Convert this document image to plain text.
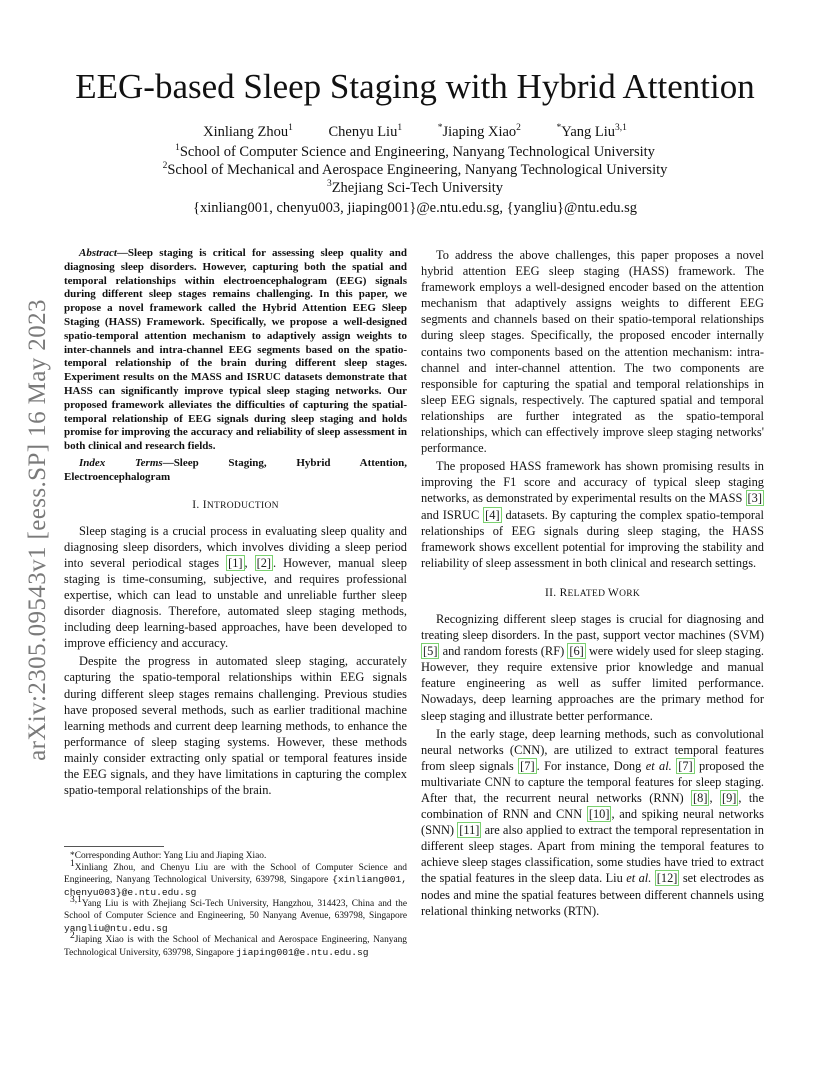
arXiv:2305.09543v1 [eess.SP] 16 May 2023
EEG-based Sleep Staging with Hybrid Attention
Xinliang Zhou$^1$ Chenyu Liu$^1$	*Jiaping Xiao$^2$	*Yang Liu$^{3,1}$
$^1$School of Computer Science and Engineering, Nanyang Technological University
$^2$School of Mechanical and Aerospace Engineering, Nanyang Technological University
$^3$Zhejiang Sci-Tech University
{xinliang001, chenyu003, jiaping001}@e.ntu.edu.sg, {yangliu}@ntu.edu.sg

Abstract—Sleep staging is critical for assessing sleep quality and diagnosing sleep disorders. However, capturing both the spatial and temporal relationships within electroencephalogram (EEG) signals during different sleep stages remains challenging. In this paper, we propose a novel framework called the Hybrid Attention EEG Sleep Staging (HASS) Framework. Specifically, we propose a well-designed spatio-temporal attention mechanism to adaptively assign weights to inter-channels and intra-channel EEG segments based on the spatio-temporal relationship of the brain during different sleep stages. Experiment results on the MASS and ISRUC datasets demonstrate that HASS can significantly improve typical sleep staging networks. Our proposed framework alleviates the difficulties of capturing the spatial-temporal relationship of EEG signals during sleep staging and holds promise for improving the accuracy and reliability of sleep assessment in both clinical and research fields.

Index Terms—Sleep Staging, Hybrid Attention, Electroencephalogram

I. INTRODUCTION

Sleep staging is a crucial process in evaluating sleep quality and diagnosing sleep disorders, which involves dividing a sleep period into several periodical stages [1] , [2] . However, manual sleep staging is time-consuming, subjective, and requires professional expertise, which can lead to unstable and unreliable further sleep disorder diagnosis. Therefore, automated sleep staging methods, including deep learning-based approaches, have been developed to improve efficiency and accuracy.

Despite the progress in automated sleep staging, accurately capturing the spatio-temporal relationships within EEG signals during different sleep stages remains challenging. Previous studies have proposed several methods, such as earlier traditional machine learning methods and current deep learning methods, to enhance the performance of sleep staging systems. However, these methods mainly consider extracting only spatial or temporal features inside the EEG signals, and they have limitations in capturing the complex spatio-temporal relationships of the brain.

*Corresponding Author: Yang Liu and Jiaping Xiao.

$^1$Xinliang Zhou, and Chenyu Liu are with the School of Computer Science and Engineering, Nanyang Technological University, 639798, Singapore {xinliang001, chenyu003}@e.ntu.edu.sg

$^{3,1}$Yang Liu is with Zhejiang Sci-Tech University, Hangzhou, 314423, China and the School of Computer Science and Engineering, 50 Nanyang Avenue, 639798, Singapore yangliu@ntu.edu.sg

$^2$Jiaping Xiao is with the School of Mechanical and Aerospace Engineering, Nanyang Technological University, 639798, Singapore jiaping001@e.ntu.edu.sg

To address the above challenges, this paper proposes a novel hybrid attention EEG sleep staging (HASS) framework. The framework employs a well-designed encoder based on the attention mechanism that adaptively assigns weights to different EEG segments and channels based on their spatio-temporal relationships during sleep stages. Specifically, the proposed encoder internally contains two components based on the attention mechanism: intra-channel and inter-channel attention. The two components are responsible for capturing the spatial and temporal relationships in sleep EEG signals, respectively. The captured spatial and temporal relationships are further integrated as the spatio-temporal relationships, which can effectively improve sleep staging networks' performance.

The proposed HASS framework has shown promising results in improving the F1 score and accuracy of typical sleep staging networks, as demonstrated by experimental results on the MASS [3] and ISRUC [4] datasets. By capturing the complex spatio-temporal relationships of EEG signals during sleep staging, the HASS framework shows excellent potential for improving the stability and reliability of sleep assessment in both clinical and research settings.

II. RELATED WORK

Recognizing different sleep stages is crucial for diagnosing and treating sleep disorders. In the past, support vector machines (SVM) [5] and random forests (RF) [6] were widely used for sleep staging. However, they require extensive prior knowledge and manual feature engineering as well as suffer limited performance. Nowadays, deep learning approaches are the primary method for sleep staging and illustrate better performance.

In the early stage, deep learning methods, such as convolutional neural networks (CNN), are utilized to extract temporal features from sleep signals [7] . For instance, Dong et al. [7] proposed the multivariate CNN to capture the temporal features for sleep staging. After that, the recurrent neural networks (RNN) [8] , [9] , the combination of RNN and CNN [10] , and spiking neural networks (SNN) [11] are also applied to extract the temporal representation in different sleep stages. Apart from mining the temporal features to achieve sleep stages classification, some studies have tried to extract the spatial features in the sleep data. Liu et al. [12] set electrodes as nodes and mine the spatial features between different channels using relational thinking networks (RTN).
